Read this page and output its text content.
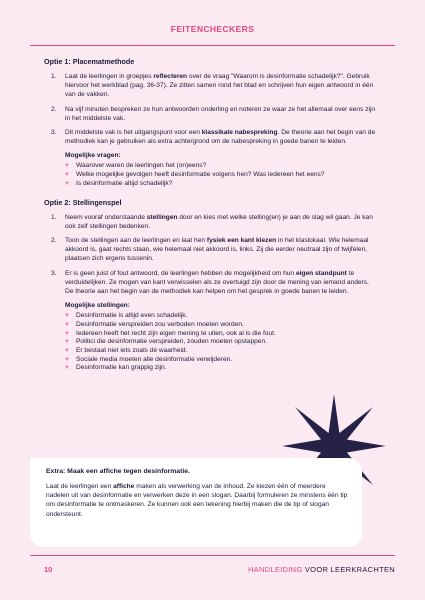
FEITENCHECKERS
Optie 1: Placematmethode
1. Laat de leerlingen in groepjes reflecteren over de vraag "Waarom is desinformatie schadelijk?". Gebruik hiervoor het werkblad (pag. 36-37). Ze zitten samen rond het blad en schrijven hun eigen antwoord in één van de vakken.
2. Na vijf minuten bespreken ze hun antwoorden onderling en noteren ze waar ze het allemaal over eens zijn in het middelste vak.
3. Dit middelste vak is het uitgangspunt voor een klassikale nabespreking. De theorie aan het begin van de methodiek kan je gebruiken als extra achtergrond om de nabespreking in goede banen te leiden.
Mogelijke vragen:
+ Waarover waren de leerlingen het (on)eens?
+ Welke mogelijke gevolgen heeft desinformatie volgens hen? Was iedereen het eens?
+ Is desinformatie altijd schadelijk?
Optie 2: Stellingenspel
1. Neem vooraf onderstaande stellingen door en kies met welke stelling(en) je aan de slag wil gaan. Je kan ook zelf stellingen bedenken.
2. Toon de stellingen aan de leerlingen en laat hen fysiek een kant kiezen in het klaslokaal. Wie helemaal akkoord is, gaat rechts staan, wie helemaal niet akkoord is, links. Zij die eerder neutraal zijn of twijfelen, plaatsen zich ergens tussenin.
3. Er is geen juist of fout antwoord, de leerlingen hebben de mogelijkheid om hun eigen standpunt te verduidelijken. Ze mogen van kant verwisselen als ze overtuigd zijn door de mening van iemand anders. De theorie aan het begin van de methodiek kan helpen om het gesprek in goede banen te leiden.
Mogelijke stellingen:
+ Desinformatie is altijd even schadelijk.
+ Desinformatie verspreiden zou verboden moeten worden.
+ Iedereen heeft het recht zijn eigen mening te uiten, ook al is die fout.
+ Politici die desinformatie verspreiden, zouden moeten opstappen.
+ Er bestaat niet iets zoals dé waarheid.
+ Sociale media moeten alle desinformatie verwijderen.
+ Desinformatie kan grappig zijn.
Extra: Maak een affiche tegen desinformatie.

Laat de leerlingen een affiche maken als verwerking van de inhoud. Ze kiezen één of meerdere nadelen uit van desinformatie en verwerken deze in een slogan. Daarbij formuleren ze minstens één tip om desinformatie te ontmaskeren. Ze kunnen ook een tekening hierbij maken die de tip of slogan ondersteunt.

10	HANDLEIDING VOOR LEERKRACHTEN
